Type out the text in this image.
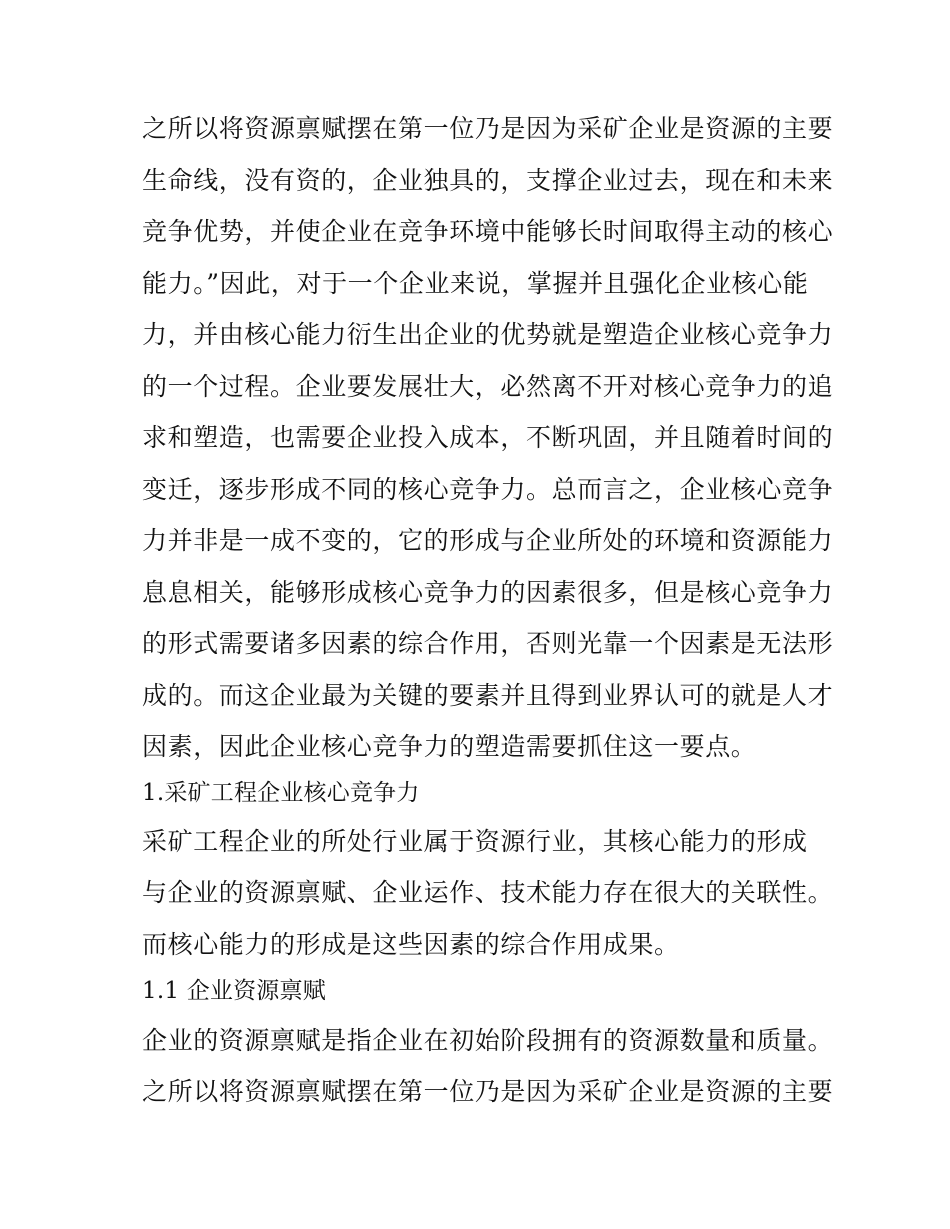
之所以将资源禀赋摆在第一位乃是因为采矿企业是资源的主要
生命线，没有资的，企业独具的，支撑企业过去，现在和未来
竞争优势，并使企业在竞争环境中能够长时间取得主动的核心
能力。”因此，对于一个企业来说，掌握并且强化企业核心能
力，并由核心能力衍生出企业的优势就是塑造企业核心竞争力
的一个过程。企业要发展壮大，必然离不开对核心竞争力的追
求和塑造，也需要企业投入成本，不断巩固，并且随着时间的
变迁，逐步形成不同的核心竞争力。总而言之，企业核心竞争
力并非是一成不变的，它的形成与企业所处的环境和资源能力
息息相关，能够形成核心竞争力的因素很多，但是核心竞争力
的形式需要诸多因素的综合作用，否则光靠一个因素是无法形
成的。而这企业最为关键的要素并且得到业界认可的就是人才
因素，因此企业核心竞争力的塑造需要抓住这一要点。
1.采矿工程企业核心竞争力
采矿工程企业的所处行业属于资源行业，其核心能力的形成
与企业的资源禀赋、企业运作、技术能力存在很大的关联性。
而核心能力的形成是这些因素的综合作用成果。
1.1 企业资源禀赋
企业的资源禀赋是指企业在初始阶段拥有的资源数量和质量。
之所以将资源禀赋摆在第一位乃是因为采矿企业是资源的主要
